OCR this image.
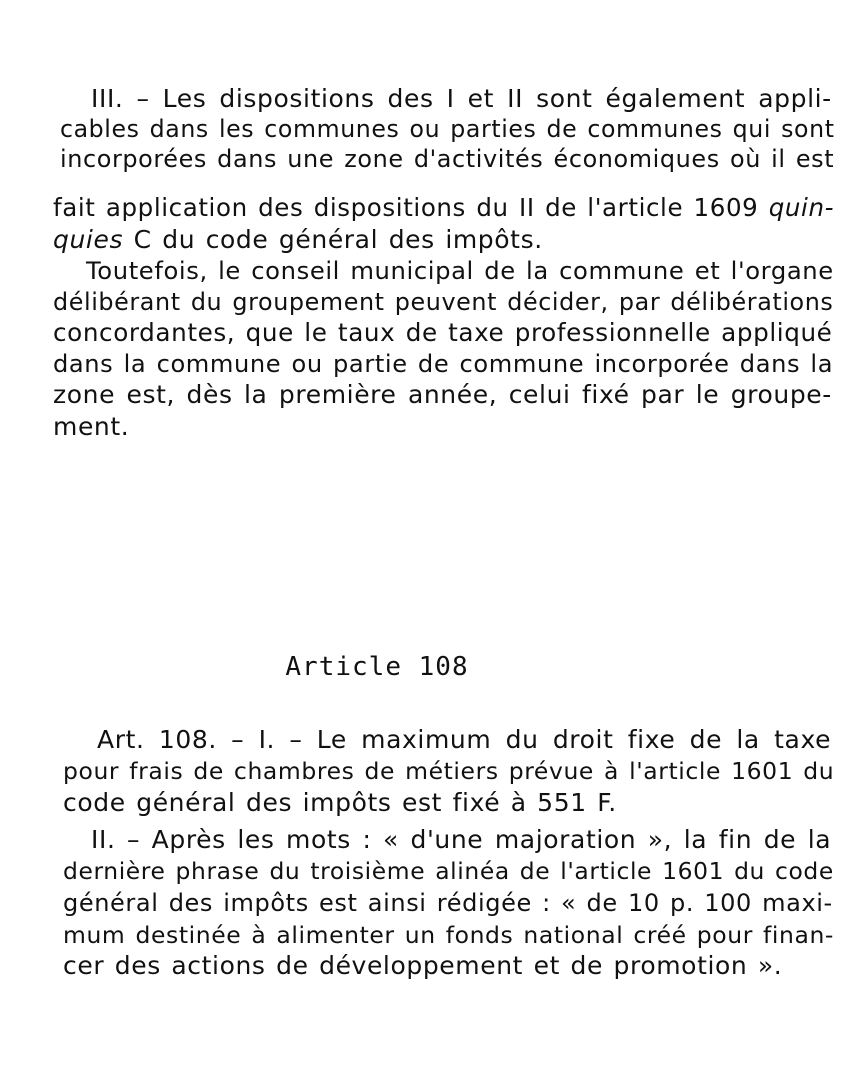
III. – Les dispositions des I et II sont également appli-
cables dans les communes ou parties de communes qui sont
incorporées dans une zone d'activités économiques où il est
fait application des dispositions du II de l'article 1609 quin-
quies C du code général des impôts.
Toutefois, le conseil municipal de la commune et l'organe
délibérant du groupement peuvent décider, par délibérations
concordantes, que le taux de taxe professionnelle appliqué
dans la commune ou partie de commune incorporée dans la
zone est, dès la première année, celui fixé par le groupe-
ment.
Article 108
Art. 108. – I. – Le maximum du droit fixe de la taxe
pour frais de chambres de métiers prévue à l'article 1601 du
code général des impôts est fixé à 551 F.
II. – Après les mots : « d'une majoration », la fin de la
dernière phrase du troisième alinéa de l'article 1601 du code
général des impôts est ainsi rédigée : « de 10 p. 100 maxi-
mum destinée à alimenter un fonds national créé pour finan-
cer des actions de développement et de promotion ».
